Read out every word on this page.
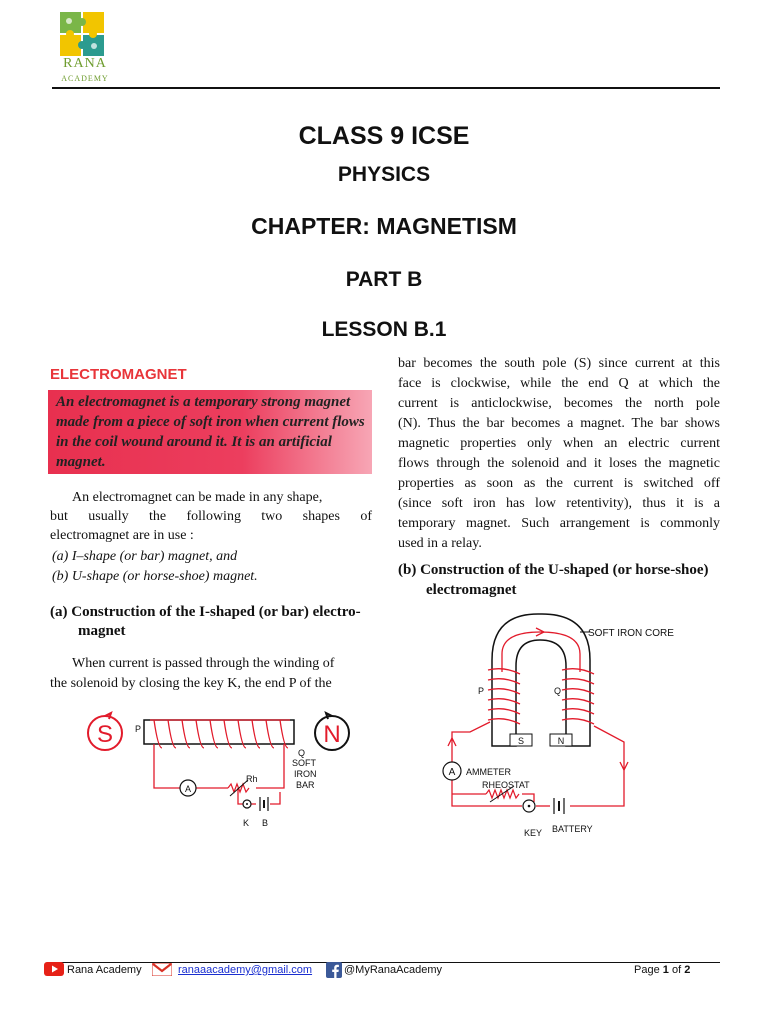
RANA
ACADEMY
CLASS 9 ICSE
PHYSICS
CHAPTER: MAGNETISM
PART B
LESSON B.1
ELECTROMAGNET
An electromagnet is a temporary strong magnet made from a piece of soft iron when current flows in the coil wound around it. It is an artificial magnet.
An electromagnet can be made in any shape,
but usually the following two shapes of
electromagnet are in use :
(a) I–shape (or bar) magnet, and
(b) U-shape (or horse-shoe) magnet.
(a) Construction of the I-shaped (or bar) electro-
magnet
When current is passed through the winding of
the solenoid by closing the key K, the end P of the
S	N
P
Q
A
Rh
K B
SOFT
IRON
BAR
bar becomes the south pole (S) since current at this
face is clockwise, while the end Q at which the
current is anticlockwise, becomes the north pole
(N). Thus the bar becomes a magnet. The bar shows
magnetic properties only when an electric current
flows through the solenoid and it loses the magnetic
properties as soon as the current is switched off
(since soft iron has low retentivity), thus it is a
temporary magnet. Such arrangement is commonly
used in a relay.
(b) Construction of the U-shaped (or horse-shoe)
electromagnet
SOFT IRON CORE
P	Q
S	N
A AMMETER
RHEOSTAT
KEY BATTERY
Rana Academy	ranaaacademy@gmail.com	@MyRanaAcademy	Page 1 of 2
